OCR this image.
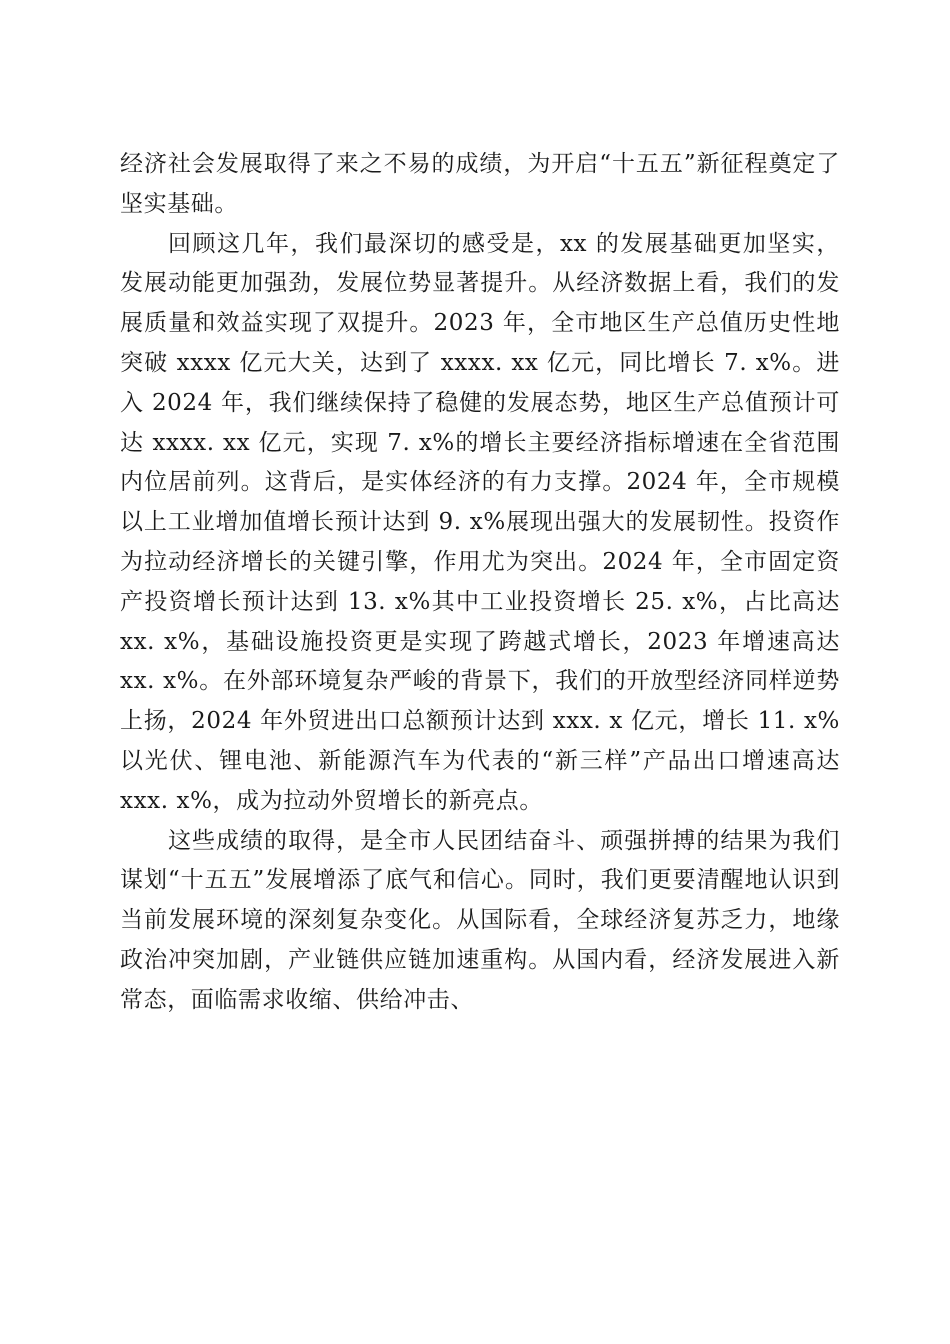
经济社会发展取得了来之不易的成绩，为开启“十五五”新征程奠定了坚实基础。

回顾这几年，我们最深切的感受是，xx 的发展基础更加坚实，发展动能更加强劲，发展位势显著提升。从经济数据上看，我们的发展质量和效益实现了双提升。2023 年，全市地区生产总值历史性地突破 xxxx 亿元大关，达到了 xxxx. xx 亿元，同比增长 7. x%。进入 2024 年，我们继续保持了稳健的发展态势，地区生产总值预计可达 xxxx. xx 亿元，实现 7. x%的增长主要经济指标增速在全省范围内位居前列。这背后，是实体经济的有力支撑。2024 年，全市规模以上工业增加值增长预计达到 9. x%展现出强大的发展韧性。投资作为拉动经济增长的关键引擎，作用尤为突出。2024 年，全市固定资产投资增长预计达到 13. x%其中工业投资增长 25. x%，占比高达 xx. x%，基础设施投资更是实现了跨越式增长，2023 年增速高达 xx. x%。在外部环境复杂严峻的背景下，我们的开放型经济同样逆势上扬，2024 年外贸进出口总额预计达到 xxx. x 亿元，增长 11. x%以光伏、锂电池、新能源汽车为代表的“新三样”产品出口增速高达 xxx. x%，成为拉动外贸增长的新亮点。

这些成绩的取得，是全市人民团结奋斗、顽强拼搏的结果为我们谋划“十五五”发展增添了底气和信心。同时，我们更要清醒地认识到当前发展环境的深刻复杂变化。从国际看，全球经济复苏乏力，地缘政治冲突加剧，产业链供应链加速重构。从国内看，经济发展进入新常态，面临需求收缩、供给冲击、
